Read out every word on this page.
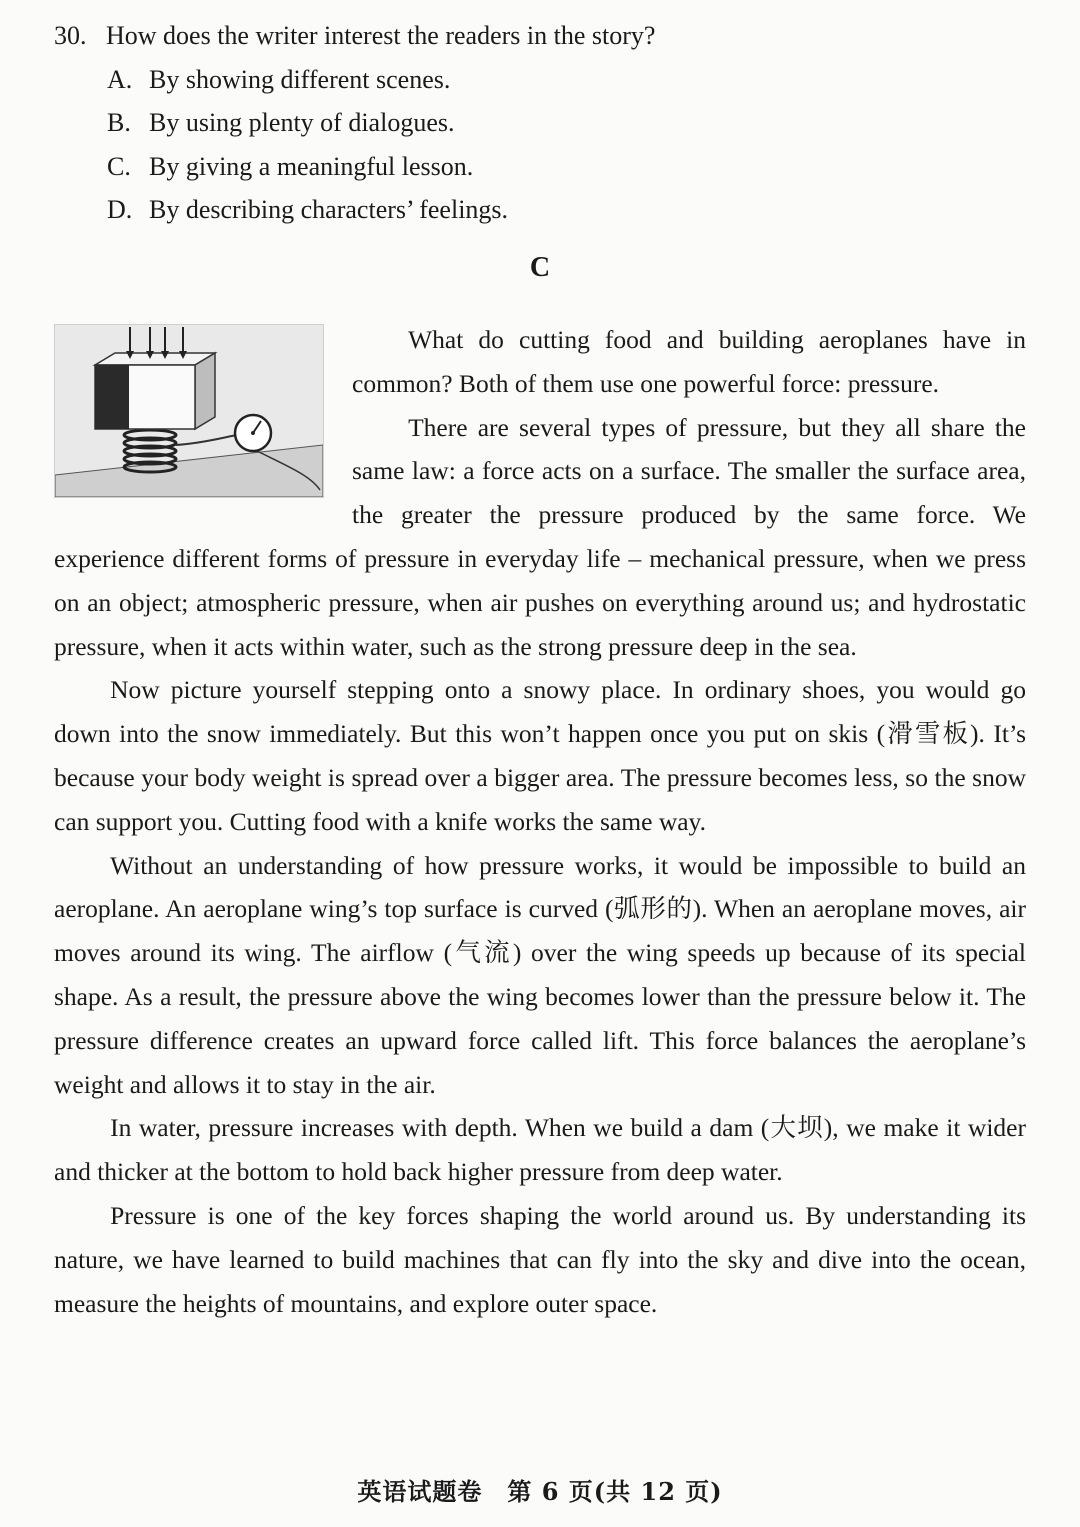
30. How does the writer interest the readers in the story?
A. By showing different scenes.
B. By using plenty of dialogues.
C. By giving a meaningful lesson.
D. By describing characters’ feelings.
C

What do cutting food and building aeroplanes have in common? Both of them use one powerful force: pressure.

There are several types of pressure, but they all share the same law: a force acts on a surface. The smaller the surface area, the greater the pressure produced by the same force. We experience different forms of pressure in everyday life – mechanical pressure, when we press on an object; atmospheric pressure, when air pushes on everything around us; and hydrostatic pressure, when it acts within water, such as the strong pressure deep in the sea.

Now picture yourself stepping onto a snowy place. In ordinary shoes, you would go down into the snow immediately. But this won’t happen once you put on skis (滑雪板). It’s because your body weight is spread over a bigger area. The pressure becomes less, so the snow can support you. Cutting food with a knife works the same way.

Without an understanding of how pressure works, it would be impossible to build an aeroplane. An aeroplane wing’s top surface is curved (弧形的). When an aeroplane moves, air moves around its wing. The airflow (气流) over the wing speeds up because of its special shape. As a result, the pressure above the wing becomes lower than the pressure below it. The pressure difference creates an upward force called lift. This force balances the aeroplane’s weight and allows it to stay in the air.

In water, pressure increases with depth. When we build a dam (大坝), we make it wider and thicker at the bottom to hold back higher pressure from deep water.

Pressure is one of the key forces shaping the world around us. By understanding its nature, we have learned to build machines that can fly into the sky and dive into the ocean, measure the heights of mountains, and explore outer space.

英语试题卷　第 6 页(共 12 页)
